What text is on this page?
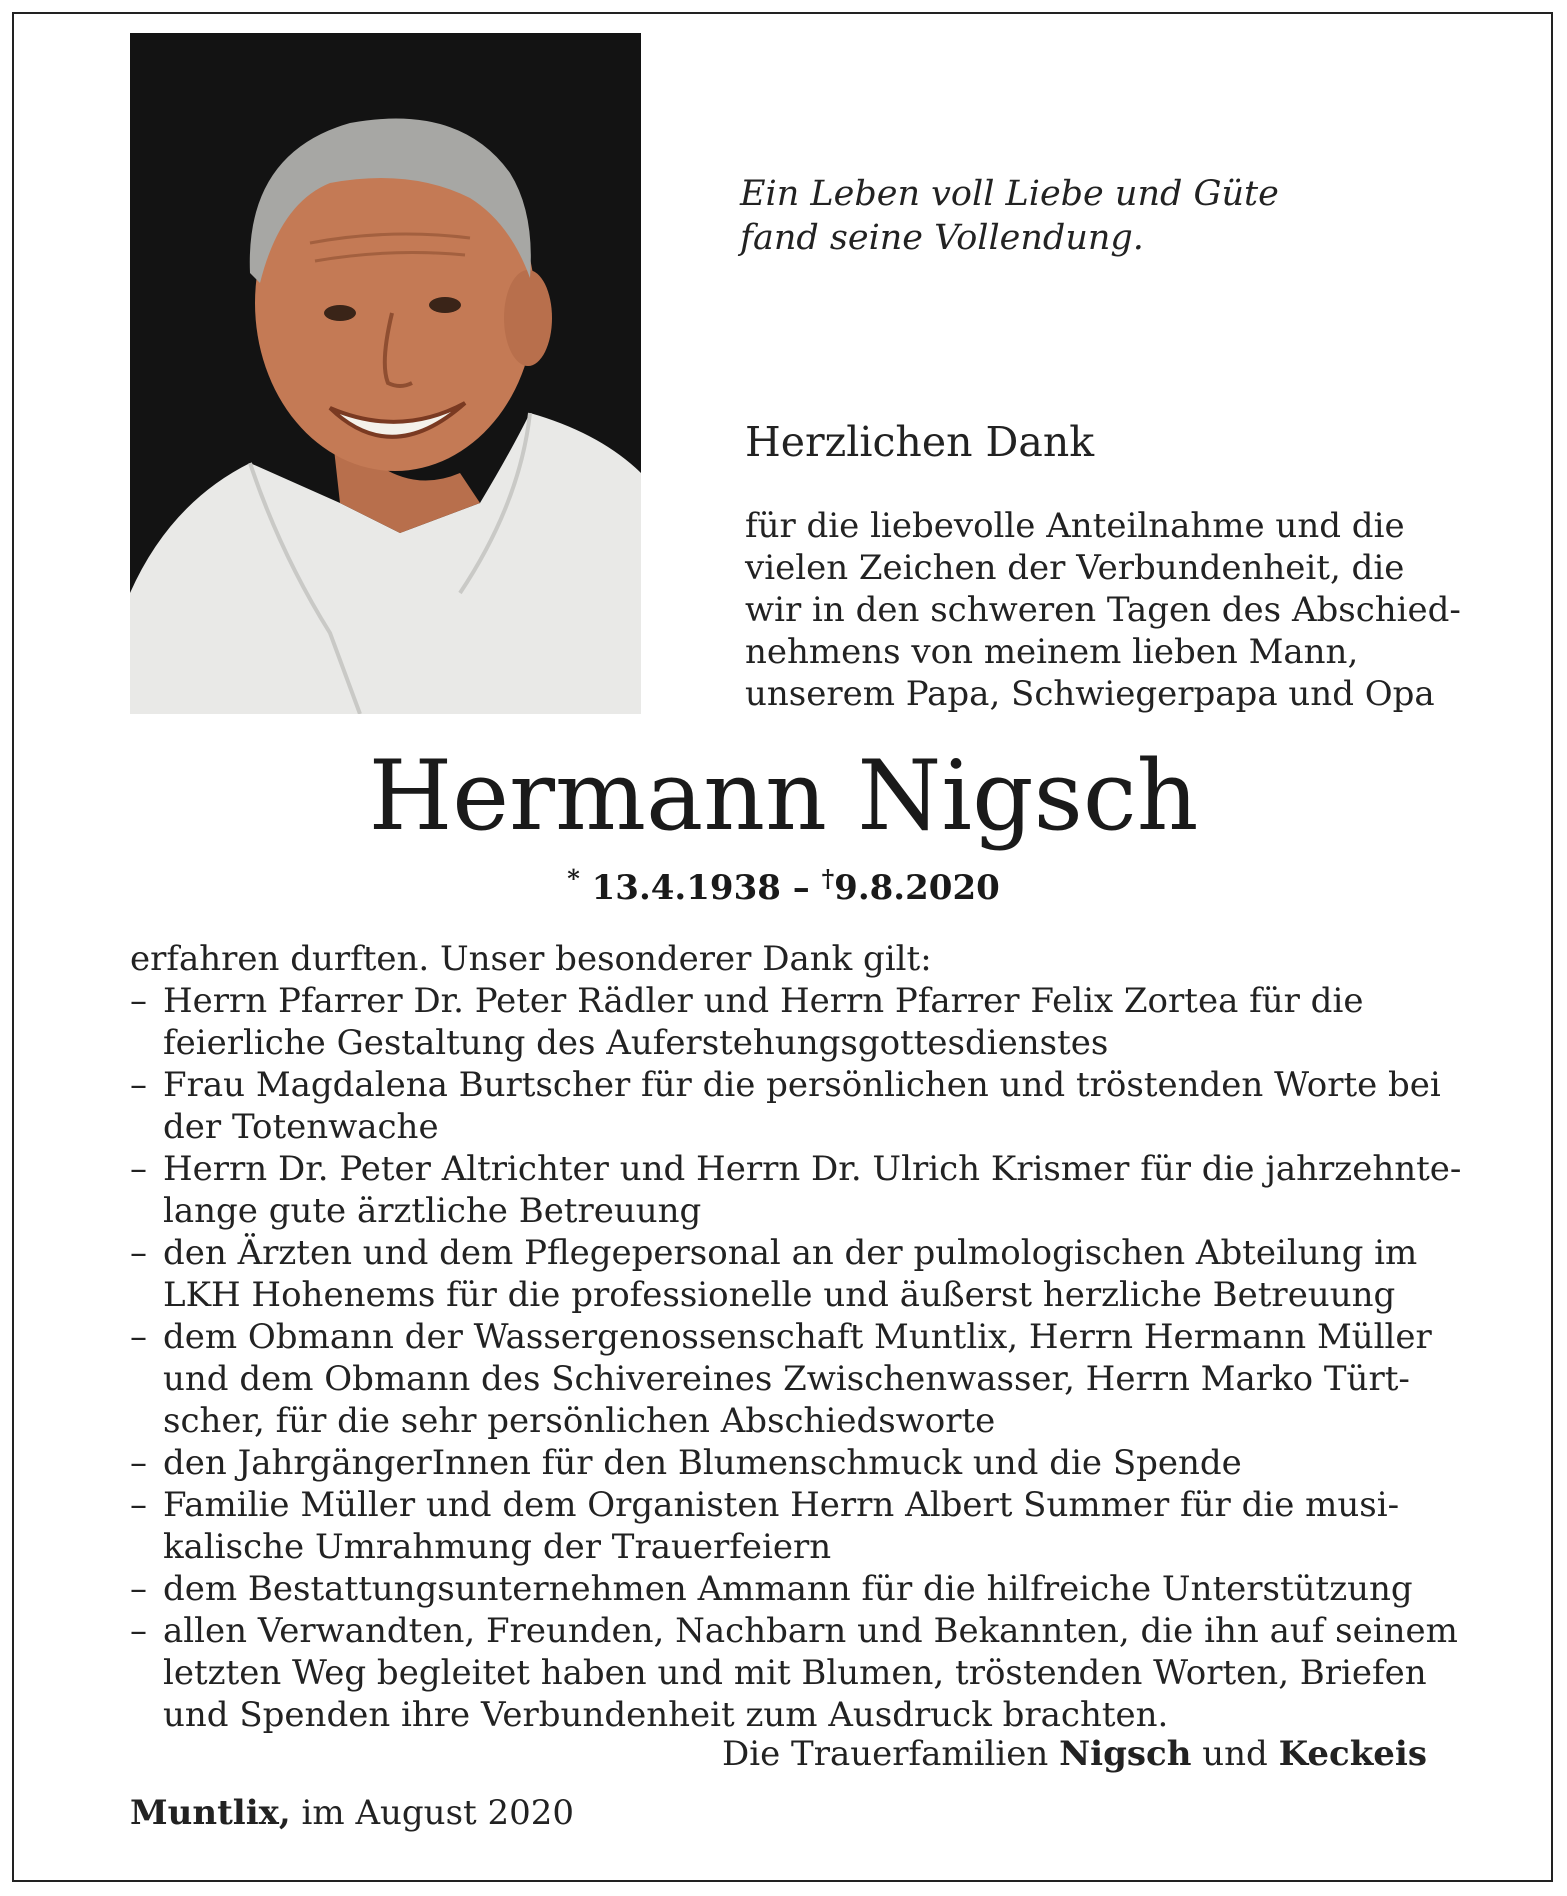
Ein Leben voll Liebe und Güte
fand seine Vollendung.
Herzlichen Dank
für die liebevolle Anteilnahme und die
vielen Zeichen der Verbundenheit, die
wir in den schweren Tagen des Abschied-
nehmens von meinem lieben Mann,
unserem Papa, Schwiegerpapa und Opa
Hermann Nigsch
* 13.4.1938 – †9.8.2020
erfahren durften. Unser besonderer Dank gilt:
– Herrn Pfarrer Dr. Peter Rädler und Herrn Pfarrer Felix Zortea für die
feierliche Gestaltung des Auferstehungsgottesdienstes
– Frau Magdalena Burtscher für die persönlichen und tröstenden Worte bei
der Totenwache
– Herrn Dr. Peter Altrichter und Herrn Dr. Ulrich Krismer für die jahrzehnte-
lange gute ärztliche Betreuung
– den Ärzten und dem Pflegepersonal an der pulmologischen Abteilung im
LKH Hohenems für die professionelle und äußerst herzliche Betreuung
– dem Obmann der Wassergenossenschaft Muntlix, Herrn Hermann Müller
und dem Obmann des Schivereines Zwischenwasser, Herrn Marko Türt-
scher, für die sehr persönlichen Abschiedsworte
– den JahrgängerInnen für den Blumenschmuck und die Spende
– Familie Müller und dem Organisten Herrn Albert Summer für die musi-
kalische Umrahmung der Trauerfeiern
– dem Bestattungsunternehmen Ammann für die hilfreiche Unterstützung
– allen Verwandten, Freunden, Nachbarn und Bekannten, die ihn auf seinem
letzten Weg begleitet haben und mit Blumen, tröstenden Worten, Briefen
und Spenden ihre Verbundenheit zum Ausdruck brachten.
Die Trauerfamilien Nigsch und Keckeis
Muntlix, im August 2020
